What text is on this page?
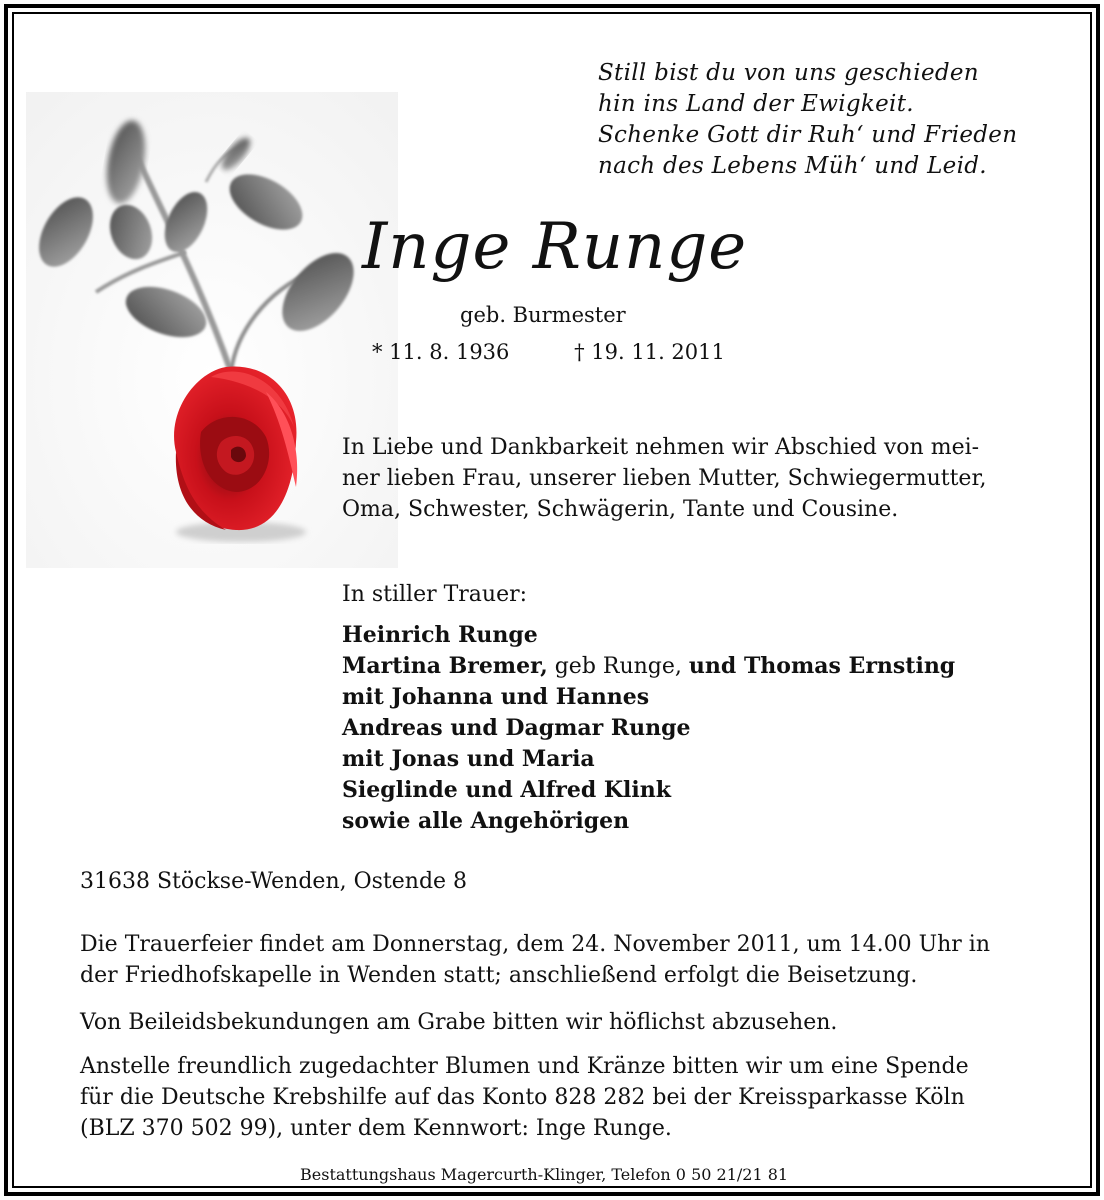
Still bist du von uns geschieden
hin ins Land der Ewigkeit.
Schenke Gott dir Ruh‘ und Frieden
nach des Lebens Müh‘ und Leid.
Inge Runge
geb. Burmester
* 11. 8. 1936	† 19. 11. 2011
In Liebe und Dankbarkeit nehmen wir Abschied von mei-
ner lieben Frau, unserer lieben Mutter, Schwiegermutter,
Oma, Schwester, Schwägerin, Tante und Cousine.
In stiller Trauer:
Heinrich Runge
Martina Bremer, geb Runge, und Thomas Ernsting
mit Johanna und Hannes
Andreas und Dagmar Runge
mit Jonas und Maria
Sieglinde und Alfred Klink
sowie alle Angehörigen
31638 Stöckse-Wenden, Ostende 8
Die Trauerfeier findet am Donnerstag, dem 24. November 2011, um 14.00 Uhr in
der Friedhofskapelle in Wenden statt; anschließend erfolgt die Beisetzung.
Von Beileidsbekundungen am Grabe bitten wir höflichst abzusehen.
Anstelle freundlich zugedachter Blumen und Kränze bitten wir um eine Spende
für die Deutsche Krebshilfe auf das Konto 828 282 bei der Kreissparkasse Köln
(BLZ 370 502 99), unter dem Kennwort: Inge Runge.
Bestattungshaus Magercurth-Klinger, Telefon 0 50 21/21 81
